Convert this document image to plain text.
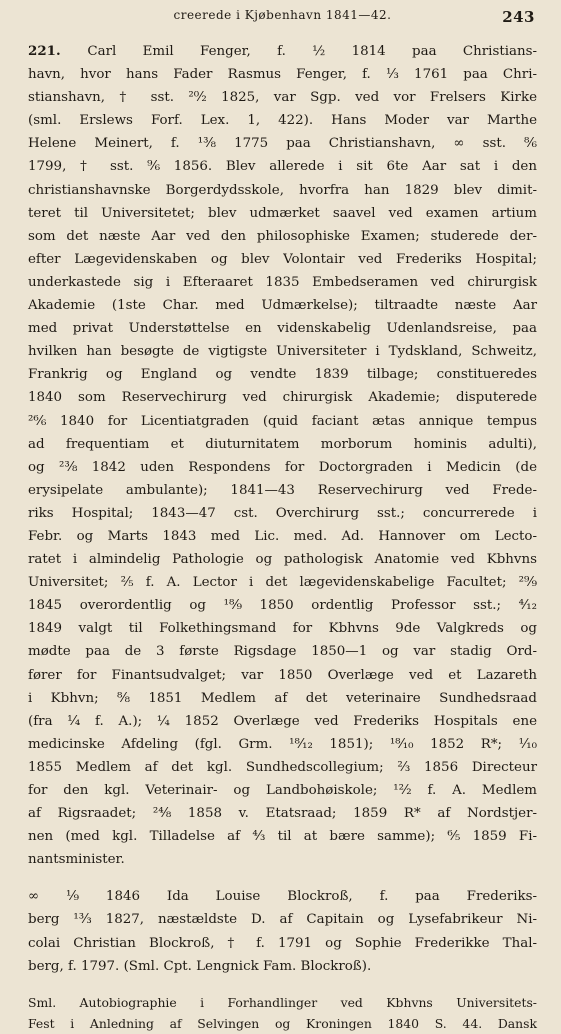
creerede i Kjøbenhavn 1841—42.	243
221. Carl Emil Fenger, f. ½ 1814 paa Christians-
havn, hvor hans Fader Rasmus Fenger, f. ¹⁄₃ 1761 paa Chri-
stianshavn, † sst. ²⁰⁄₂ 1825, var Sgp. ved vor Frelsers Kirke
(sml. Erslews Forf. Lex. 1, 422). Hans Moder var Marthe
Helene Meinert, f. ¹³⁄₈ 1775 paa Christianshavn, ∞ sst. ⁸⁄₆
1799, † sst. ⁹⁄₆ 1856. Blev allerede i sit 6te Aar sat i den
christianshavnske Borgerdydsskole, hvorfra han 1829 blev dimit-
teret til Universitetet; blev udmærket saavel ved examen artium
som det næste Aar ved den philosophiske Examen; studerede der-
efter Lægevidenskaben og blev Volontair ved Frederiks Hospital;
underkastede sig i Efteraaret 1835 Embedseramen ved chirurgisk
Akademie (1ste Char. med Udmærkelse); tiltraadte næste Aar
med privat Understøttelse en videnskabelig Udenlandsreise, paa
hvilken han besøgte de vigtigste Universiteter i Tydskland, Schweitz,
Frankrig og England og vendte 1839 tilbage; constitueredes
1840 som Reservechirurg ved chirurgisk Akademie; disputerede
²⁶⁄₆ 1840 for Licentiatgraden (quid faciant ætas annique tempus
ad frequentiam et diuturnitatem morborum hominis adulti),
og ²³⁄₈ 1842 uden Respondens for Doctorgraden i Medicin (de
erysipelate ambulante); 1841—43 Reservechirurg ved Frede-
riks Hospital; 1843—47 cst. Overchirurg sst.; concurrerede i
Febr. og Marts 1843 med Lic. med. Ad. Hannover om Lecto-
ratet i almindelig Pathologie og pathologisk Anatomie ved Kbhvns
Universitet; ²⁄₅ f. A. Lector i det lægevidenskabelige Facultet; ²⁹⁄₉
1845 overordentlig og ¹⁸⁄₉ 1850 ordentlig Professor sst.; ⁴⁄₁₂
1849 valgt til Folkethingsmand for Kbhvns 9de Valgkreds og
mødte paa de 3 første Rigsdage 1850—1 og var stadig Ord-
fører for Finantsudvalget; var 1850 Overlæge ved et Lazareth
i Kbhvn; ⁸⁄₈ 1851 Medlem af det veterinaire Sundhedsraad
(fra ⅟₄ f. A.); ¼ 1852 Overlæge ved Frederiks Hospitals ene
medicinske Afdeling (fgl. Grm. ¹⁸⁄₁₂ 1851); ¹⁸⁄₁₀ 1852 R*; ¹⁄₁₀
1855 Medlem af det kgl. Sundhedscollegium; ²⁄₃ 1856 Directeur
for den kgl. Veterinair- og Landbohøiskole; ¹²⁄₂ f. A. Medlem
af Rigsraadet; ²⁴⁄₈ 1858 v. Etatsraad; 1859 R* af Nordstjer-
nen (med kgl. Tilladelse af ⁴⁄₃ til at bære samme); ⁶⁄₅ 1859 Fi-
nantsminister.
∞ ¹⁄₉ 1846 Ida Louise Blockroß, f. paa Frederiks-
berg ¹³⁄₃ 1827, næstældste D. af Capitain og Lysefabrikeur Ni-
colai Christian Blockroß, † f. 1791 og Sophie Frederikke Thal-
berg, f. 1797. (Sml. Cpt. Lengnick Fam. Blockroß).
Sml. Autobiographie i Forhandlinger ved Kbhvns Universitets-
Fest i Anledning af Selvingen og Kroningen 1840 S. 44. Dansk
